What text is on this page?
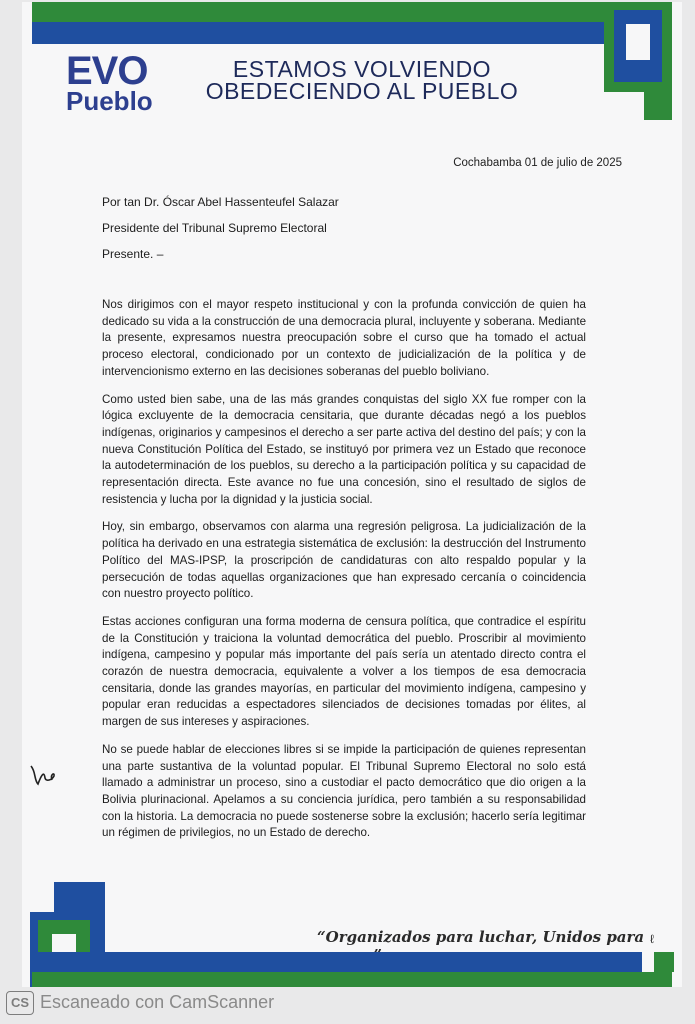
EVO
Pueblo
ESTAMOS VOLVIENDO
OBEDECIENDO AL PUEBLO
Cochabamba 01 de julio de 2025
Por tan Dr. Óscar Abel Hassenteufel Salazar
Presidente del Tribunal Supremo Electoral
Presente. –

Nos dirigimos con el mayor respeto institucional y con la profunda convicción de quien ha dedicado su vida a la construcción de una democracia plural, incluyente y soberana. Mediante la presente, expresamos nuestra preocupación sobre el curso que ha tomado el actual proceso electoral, condicionado por un contexto de judicialización de la política y de intervencionismo externo en las decisiones soberanas del pueblo boliviano.

Como usted bien sabe, una de las más grandes conquistas del siglo XX fue romper con la lógica excluyente de la democracia censitaria, que durante décadas negó a los pueblos indígenas, originarios y campesinos el derecho a ser parte activa del destino del país; y con la nueva Constitución Política del Estado, se instituyó por primera vez un Estado que reconoce la autodeterminación de los pueblos, su derecho a la participación política y su capacidad de representación directa. Este avance no fue una concesión, sino el resultado de siglos de resistencia y lucha por la dignidad y la justicia social.

Hoy, sin embargo, observamos con alarma una regresión peligrosa. La judicialización de la política ha derivado en una estrategia sistemática de exclusión: la destrucción del Instrumento Político del MAS-IPSP, la proscripción de candidaturas con alto respaldo popular y la persecución de todas aquellas organizaciones que han expresado cercanía o coincidencia con nuestro proyecto político.

Estas acciones configuran una forma moderna de censura política, que contradice el espíritu de la Constitución y traiciona la voluntad democrática del pueblo. Proscribir al movimiento indígena, campesino y popular más importante del país sería un atentado directo contra el corazón de nuestra democracia, equivalente a volver a los tiempos de esa democracia censitaria, donde las grandes mayorías, en particular del movimiento indígena, campesino y popular eran reducidas a espectadores silenciados de decisiones tomadas por élites, al margen de sus intereses y aspiraciones.

No se puede hablar de elecciones libres si se impide la participación de quienes representan una parte sustantiva de la voluntad popular. El Tribunal Supremo Electoral no solo está llamado a administrar un proceso, sino a custodiar el pacto democrático que dio origen a la Bolivia plurinacional. Apelamos a su conciencia jurídica, pero también a su responsabilidad con la historia. La democracia no puede sostenerse sobre la exclusión; hacerlo sería legitimar un régimen de privilegios, no un Estado de derecho.

“Organizados para luchar, Unidos para ℓ
CS Escaneado con CamScanner
